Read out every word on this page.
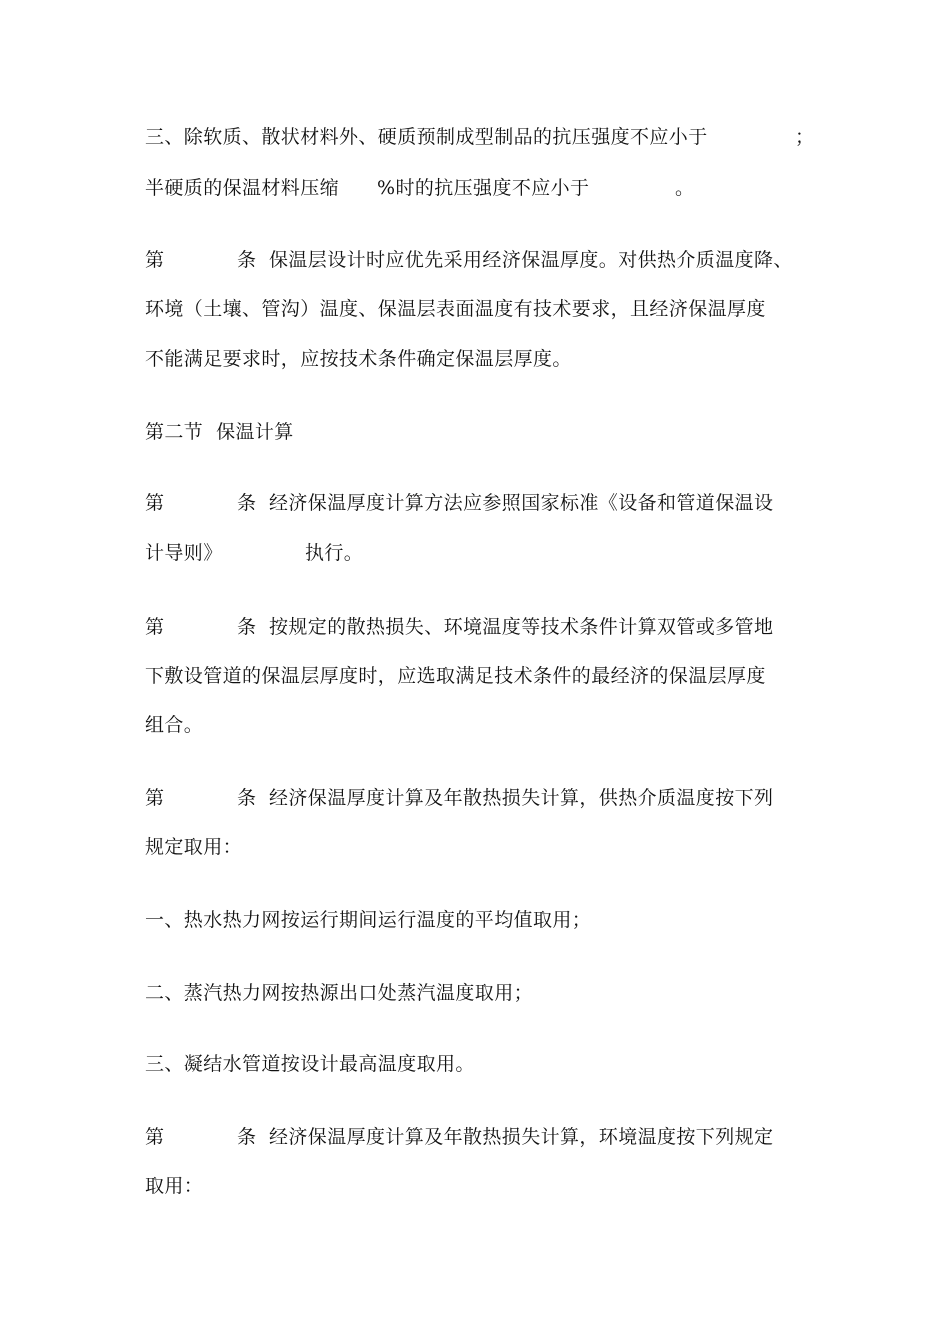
三、除软质、散状材料外、硬质预制成型制品的抗压强度不应小于

	；

半硬质的保温材料压缩

%时的抗压强度不应小于

	。

第

	条

保温层设计时应优先采用经济保温厚度。对供热介质温度降、

环境（土壤、管沟）温度、保温层表面温度有技术要求，且经济保温厚度
不能满足要求时，应按技术条件确定保温层厚度。
第二节  保温计算

第

	条

经济保温厚度计算方法应参照国家标准《设备和管道保温设

计导则》

	执行。

第

	条

按规定的散热损失、环境温度等技术条件计算双管或多管地

下敷设管道的保温层厚度时，应选取满足技术条件的最经济的保温层厚度
组合。

第

	条

经济保温厚度计算及年散热损失计算，供热介质温度按下列

规定取用：
一、热水热力网按运行期间运行温度的平均值取用；
二、蒸汽热力网按热源出口处蒸汽温度取用；
三、凝结水管道按设计最高温度取用。

第

	条

经济保温厚度计算及年散热损失计算，环境温度按下列规定

取用：
